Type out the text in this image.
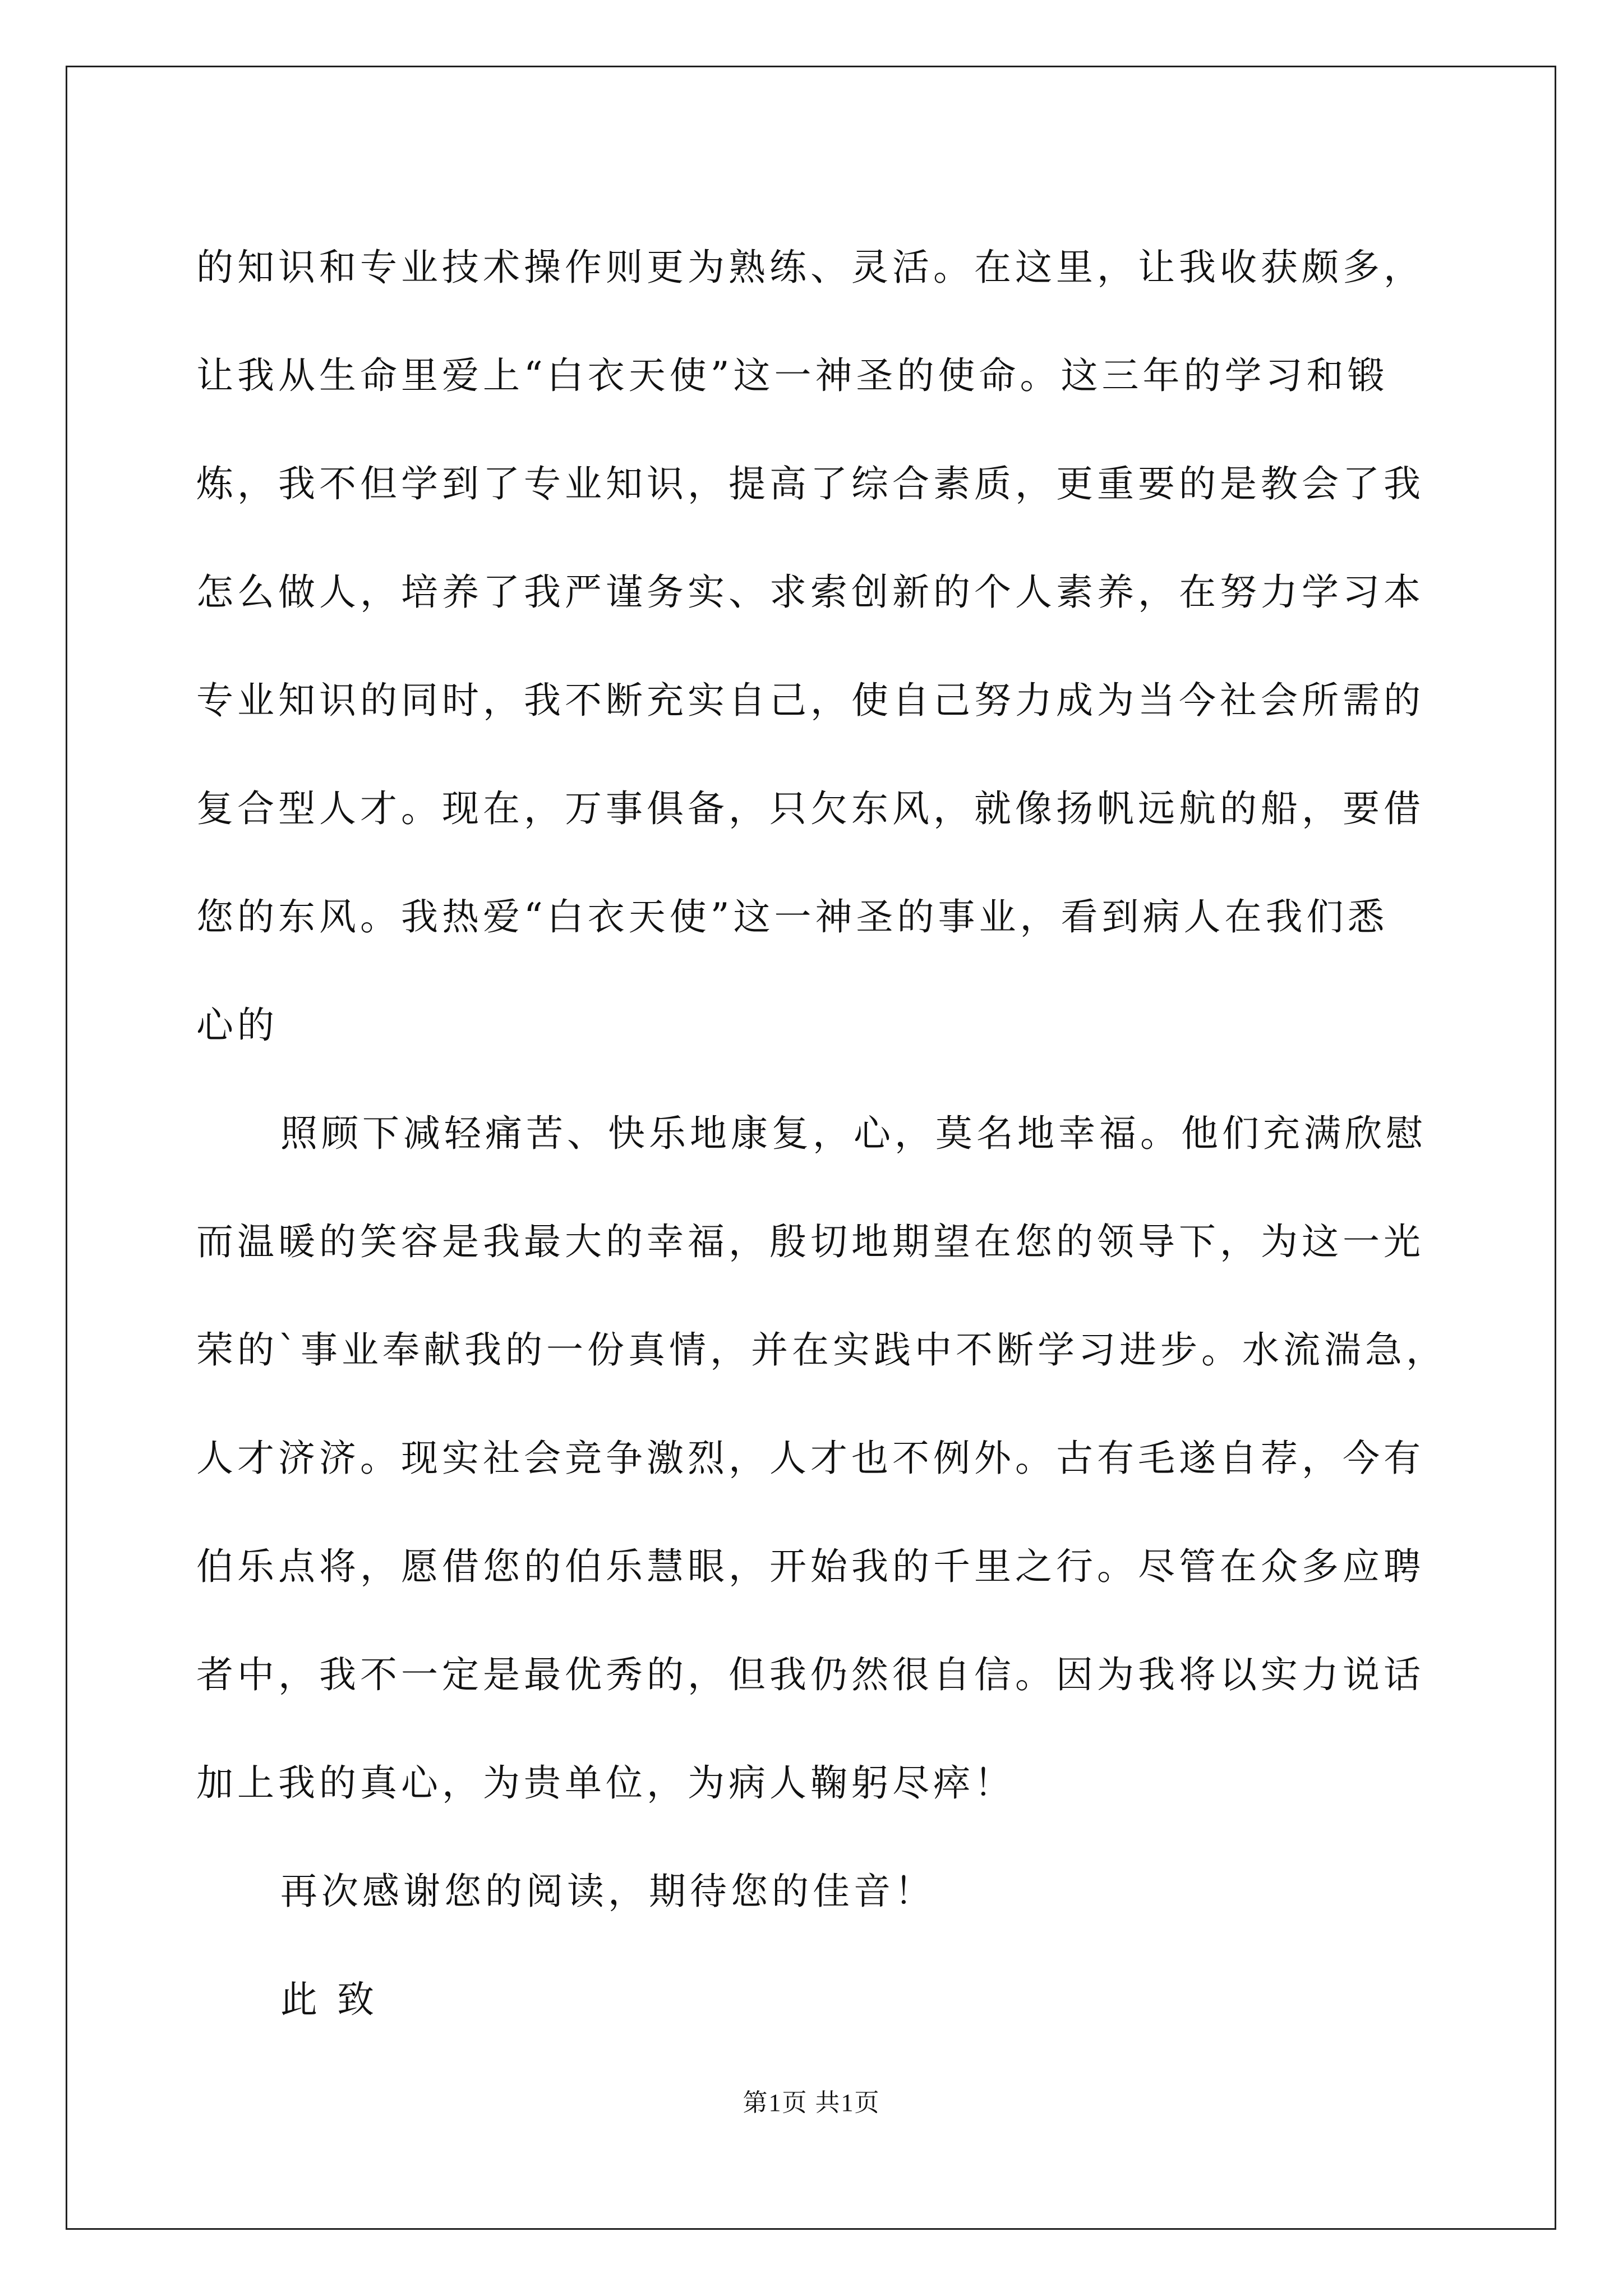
的知识和专业技术操作则更为熟练、灵活。在这里，让我收获颇多，
让我从生命里爱上“白衣天使”这一神圣的使命。这三年的学习和锻
炼，我不但学到了专业知识，提高了综合素质，更重要的是教会了我
怎么做人，培养了我严谨务实、求索创新的个人素养，在努力学习本
专业知识的同时，我不断充实自己，使自己努力成为当今社会所需的
复合型人才。现在，万事俱备，只欠东风，就像扬帆远航的船，要借
您的东风。我热爱“白衣天使”这一神圣的事业，看到病人在我们悉
心的
照顾下减轻痛苦、快乐地康复，心，莫名地幸福。他们充满欣慰
而温暖的笑容是我最大的幸福，殷切地期望在您的领导下，为这一光
荣的`事业奉献我的一份真情，并在实践中不断学习进步。水流湍急，
人才济济。现实社会竞争激烈，人才也不例外。古有毛遂自荐，今有
伯乐点将，愿借您的伯乐慧眼，开始我的千里之行。尽管在众多应聘
者中，我不一定是最优秀的，但我仍然很自信。因为我将以实力说话
加上我的真心，为贵单位，为病人鞠躬尽瘁！
再次感谢您的阅读，期待您的佳音！
此 致
第1页 共1页
